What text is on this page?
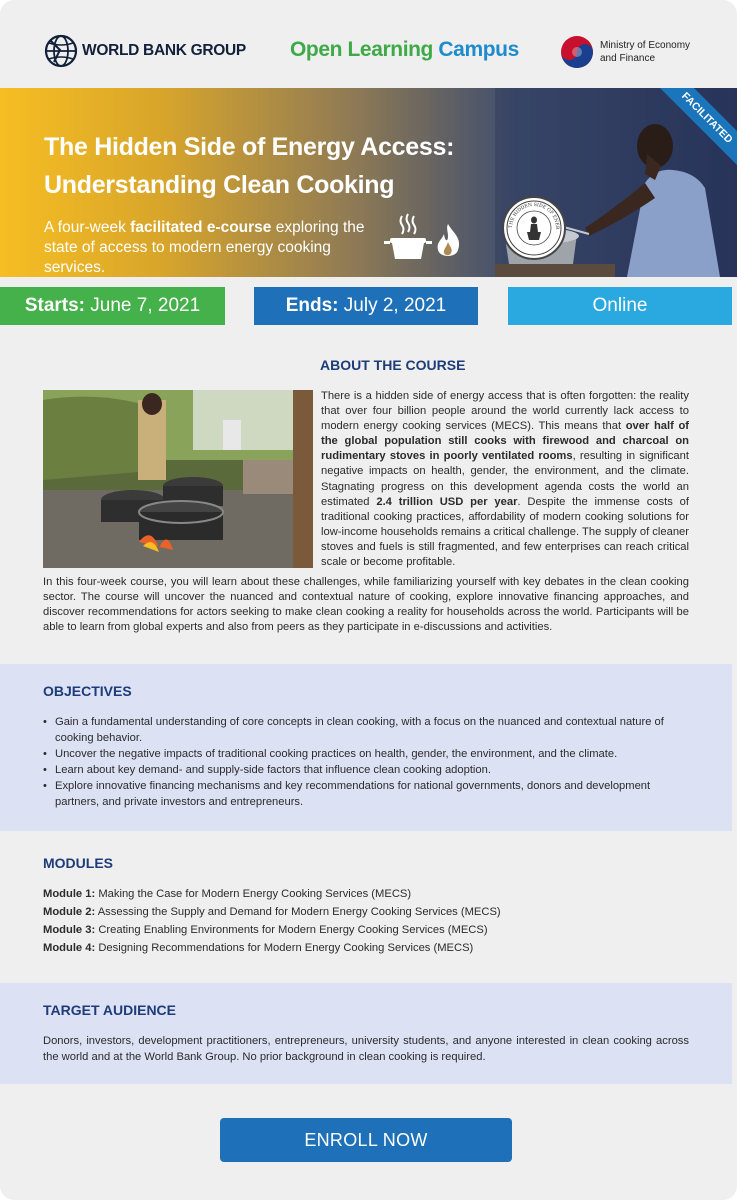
WORLD BANK GROUP Open Learning Campus	Ministry of Economy
and Finance
The Hidden Side of Energy Access:
Understanding Clean Cooking
A four-week facilitated e-course exploring the state of access to modern energy cooking services.
THE HIDDEN SIDE OF ENER
FACILITATED
Starts: June 7, 2021	Ends: July 2, 2021	Online
ABOUT THE COURSE
There is a hidden side of energy access that is often forgotten: the reality that over four billion people around the world currently lack access to modern energy cooking services (MECS). This means that over half of the global population still cooks with firewood and charcoal on rudimentary stoves in poorly ventilated rooms, resulting in significant negative impacts on health, gender, the environment, and the climate. Stagnating progress on this development agenda costs the world an estimated 2.4 trillion USD per year. Despite the immense costs of traditional cooking practices, affordability of modern cooking solutions for low-income households remains a critical challenge. The supply of cleaner stoves and fuels is still fragmented, and few enterprises can reach critical scale or become profitable.
In this four-week course, you will learn about these challenges, while familiarizing yourself with key debates in the clean cooking sector. The course will uncover the nuanced and contextual nature of cooking, explore innovative financing approaches, and discover recommendations for actors seeking to make clean cooking a reality for households across the world. Participants will be able to learn from global experts and also from peers as they participate in e-discussions and activities.
OBJECTIVES
• Gain a fundamental understanding of core concepts in clean cooking, with a focus on the nuanced and contextual nature of cooking behavior.
• Uncover the negative impacts of traditional cooking practices on health, gender, the environment, and the climate.
• Learn about key demand- and supply-side factors that influence clean cooking adoption.
• Explore innovative financing mechanisms and key recommendations for national governments, donors and development partners, and private investors and entrepreneurs.
MODULES
Module 1: Making the Case for Modern Energy Cooking Services (MECS)
Module 2: Assessing the Supply and Demand for Modern Energy Cooking Services (MECS)
Module 3: Creating Enabling Environments for Modern Energy Cooking Services (MECS)
Module 4: Designing Recommendations for Modern Energy Cooking Services (MECS)
TARGET AUDIENCE
Donors, investors, development practitioners, entrepreneurs, university students, and anyone interested in clean cooking across the world and at the World Bank Group. No prior background in clean cooking is required.
ENROLL NOW
